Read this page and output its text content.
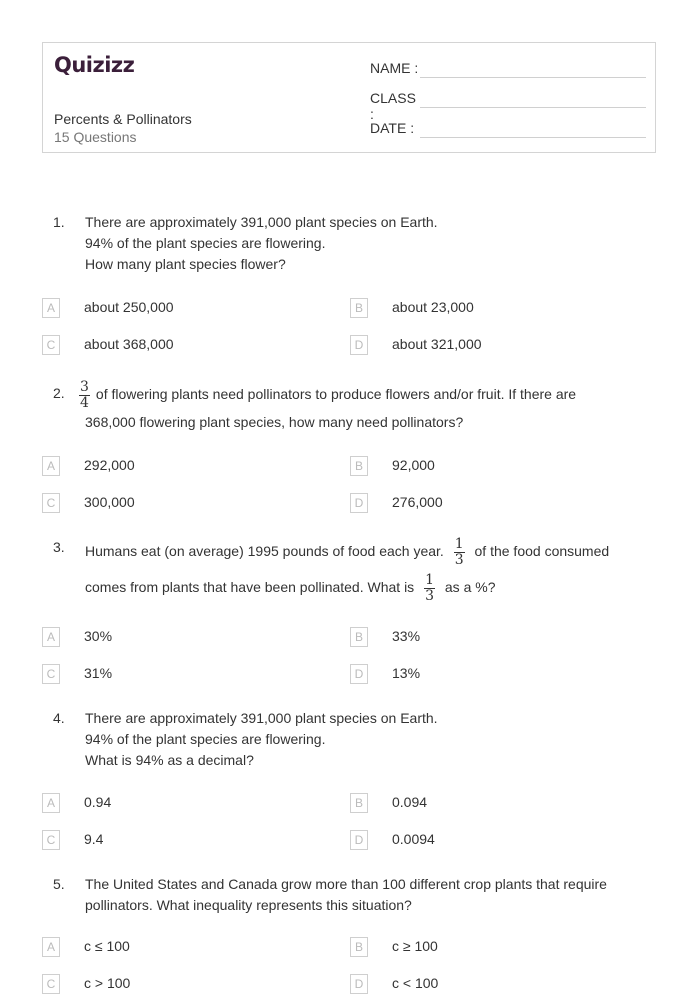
Quizizz
Percents & Pollinators
15 Questions
NAME :
CLASS :
DATE :
1.	There are approximately 391,000 plant species on Earth.
94% of the plant species are flowering.
How many plant species flower?
A	about 250,000	B	about 23,000
C	about 368,000	D	about 321,000
2.	$\frac{3}{4}$ of flowering plants need pollinators to produce flowers and/or fruit. If there are
368,000 flowering plant species, how many need pollinators?
A	292,000	B	92,000
C	300,000	D	276,000
3.	Humans eat (on average) 1995 pounds of food each year. $\frac{1}{3}$ of the food consumed
comes from plants that have been pollinated. What is $\frac{1}{3}$ as a %?
A	30%	B	33%
C	31%	D	13%
4.	There are approximately 391,000 plant species on Earth.
94% of the plant species are flowering.
What is 94% as a decimal?
A	0.94	B	0.094
C	9.4	D	0.0094
5.	The United States and Canada grow more than 100 different crop plants that require
pollinators. What inequality represents this situation?
A	c ≤ 100	B	c ≥ 100
C	c > 100	D	c < 100
